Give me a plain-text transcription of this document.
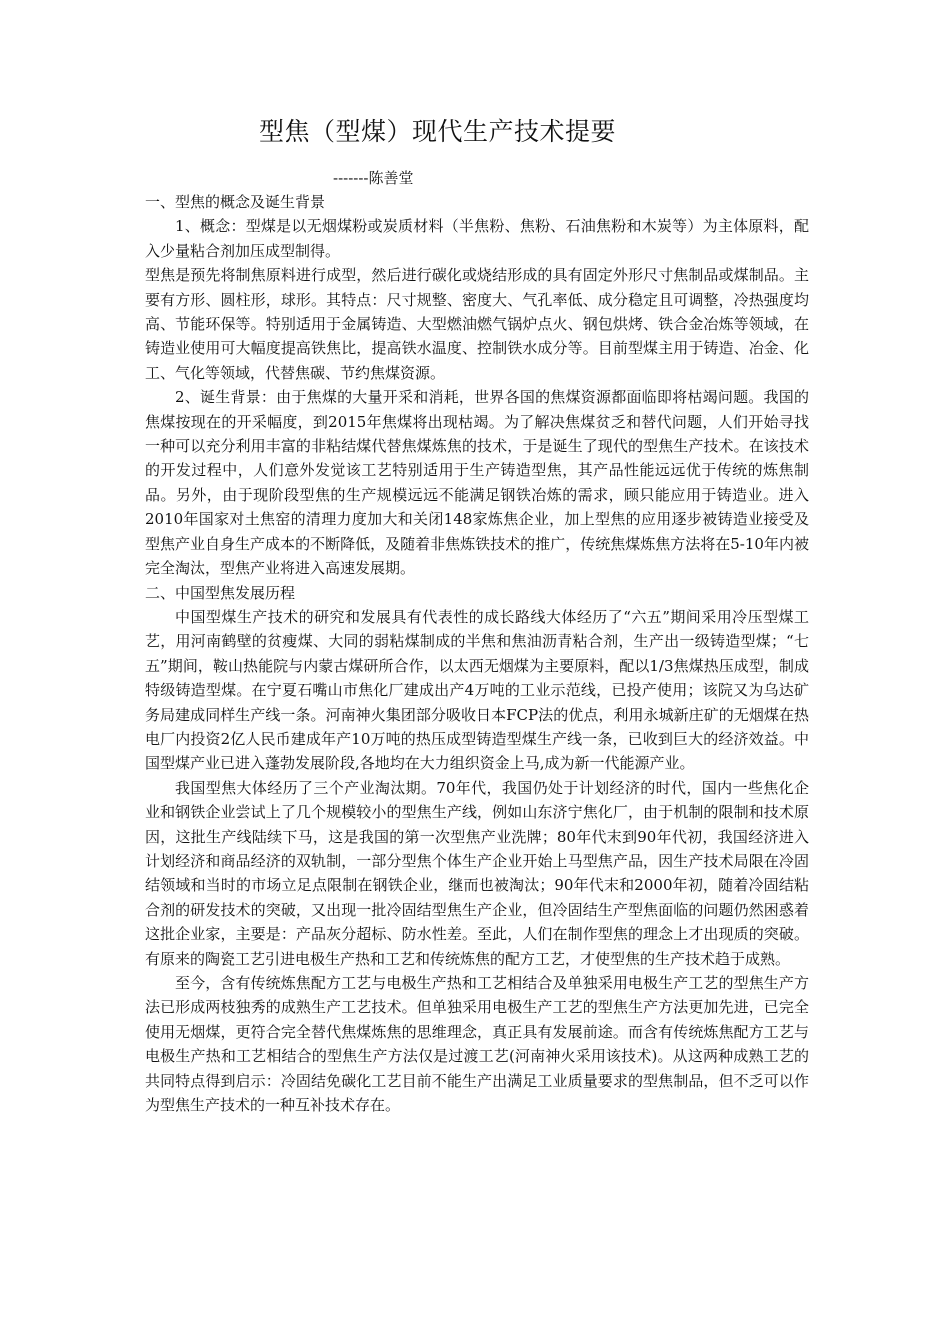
型焦（型煤）现代生产技术提要
-------陈善堂
一、型焦的概念及诞生背景

1、概念：型煤是以无烟煤粉或炭质材料（半焦粉、焦粉、石油焦粉和木炭等）为主体原料，配入少量粘合剂加压成型制得。

型焦是预先将制焦原料进行成型，然后进行碳化或烧结形成的具有固定外形尺寸焦制品或煤制品。主要有方形、圆柱形，球形。其特点：尺寸规整、密度大、气孔率低、成分稳定且可调整，冷热强度均高、节能环保等。特别适用于金属铸造、大型燃油燃气锅炉点火、钢包烘烤、铁合金冶炼等领域，在铸造业使用可大幅度提高铁焦比，提高铁水温度、控制铁水成分等。目前型煤主用于铸造、冶金、化工、气化等领域，代替焦碳、节约焦煤资源。

2、诞生背景：由于焦煤的大量开采和消耗，世界各国的焦煤资源都面临即将枯竭问题。我国的焦煤按现在的开采幅度，到2015年焦煤将出现枯竭。为了解决焦煤贫乏和替代问题，人们开始寻找一种可以充分利用丰富的非粘结煤代替焦煤炼焦的技术，于是诞生了现代的型焦生产技术。在该技术的开发过程中，人们意外发觉该工艺特别适用于生产铸造型焦，其产品性能远远优于传统的炼焦制品。另外，由于现阶段型焦的生产规模远远不能满足钢铁冶炼的需求，顾只能应用于铸造业。进入2010年国家对土焦窑的清理力度加大和关闭148家炼焦企业，加上型焦的应用逐步被铸造业接受及型焦产业自身生产成本的不断降低，及随着非焦炼铁技术的推广，传统焦煤炼焦方法将在5-10年内被完全淘汰，型焦产业将进入高速发展期。

二、中国型焦发展历程

中国型煤生产技术的研究和发展具有代表性的成长路线大体经历了“六五”期间采用冷压型煤工艺，用河南鹤壁的贫瘦煤、大同的弱粘煤制成的半焦和焦油沥青粘合剂，生产出一级铸造型煤；“七五”期间，鞍山热能院与内蒙古煤研所合作，以太西无烟煤为主要原料，配以1/3焦煤热压成型，制成特级铸造型煤。在宁夏石嘴山市焦化厂建成出产4万吨的工业示范线，已投产使用；该院又为乌达矿务局建成同样生产线一条。河南神火集团部分吸收日本FCP法的优点，利用永城新庄矿的无烟煤在热电厂内投资2亿人民币建成年产10万吨的热压成型铸造型煤生产线一条，已收到巨大的经济效益。中国型煤产业已进入蓬勃发展阶段,各地均在大力组织资金上马,成为新一代能源产业。

我国型焦大体经历了三个产业淘汰期。70年代，我国仍处于计划经济的时代，国内一些焦化企业和钢铁企业尝试上了几个规模较小的型焦生产线，例如山东济宁焦化厂，由于机制的限制和技术原因，这批生产线陆续下马，这是我国的第一次型焦产业洗牌；80年代末到90年代初，我国经济进入计划经济和商品经济的双轨制，一部分型焦个体生产企业开始上马型焦产品，因生产技术局限在冷固结领域和当时的市场立足点限制在钢铁企业，继而也被淘汰；90年代末和2000年初，随着冷固结粘合剂的研发技术的突破，又出现一批冷固结型焦生产企业，但冷固结生产型焦面临的问题仍然困惑着这批企业家，主要是：产品灰分超标、防水性差。至此，人们在制作型焦的理念上才出现质的突破。有原来的陶瓷工艺引进电极生产热和工艺和传统炼焦的配方工艺，才使型焦的生产技术趋于成熟。

至今，含有传统炼焦配方工艺与电极生产热和工艺相结合及单独采用电极生产工艺的型焦生产方法已形成两枝独秀的成熟生产工艺技术。但单独采用电极生产工艺的型焦生产方法更加先进，已完全使用无烟煤，更符合完全替代焦煤炼焦的思维理念，真正具有发展前途。而含有传统炼焦配方工艺与电极生产热和工艺相结合的型焦生产方法仅是过渡工艺(河南神火采用该技术)。从这两种成熟工艺的共同特点得到启示：冷固结免碳化工艺目前不能生产出满足工业质量要求的型焦制品，但不乏可以作为型焦生产技术的一种互补技术存在。
